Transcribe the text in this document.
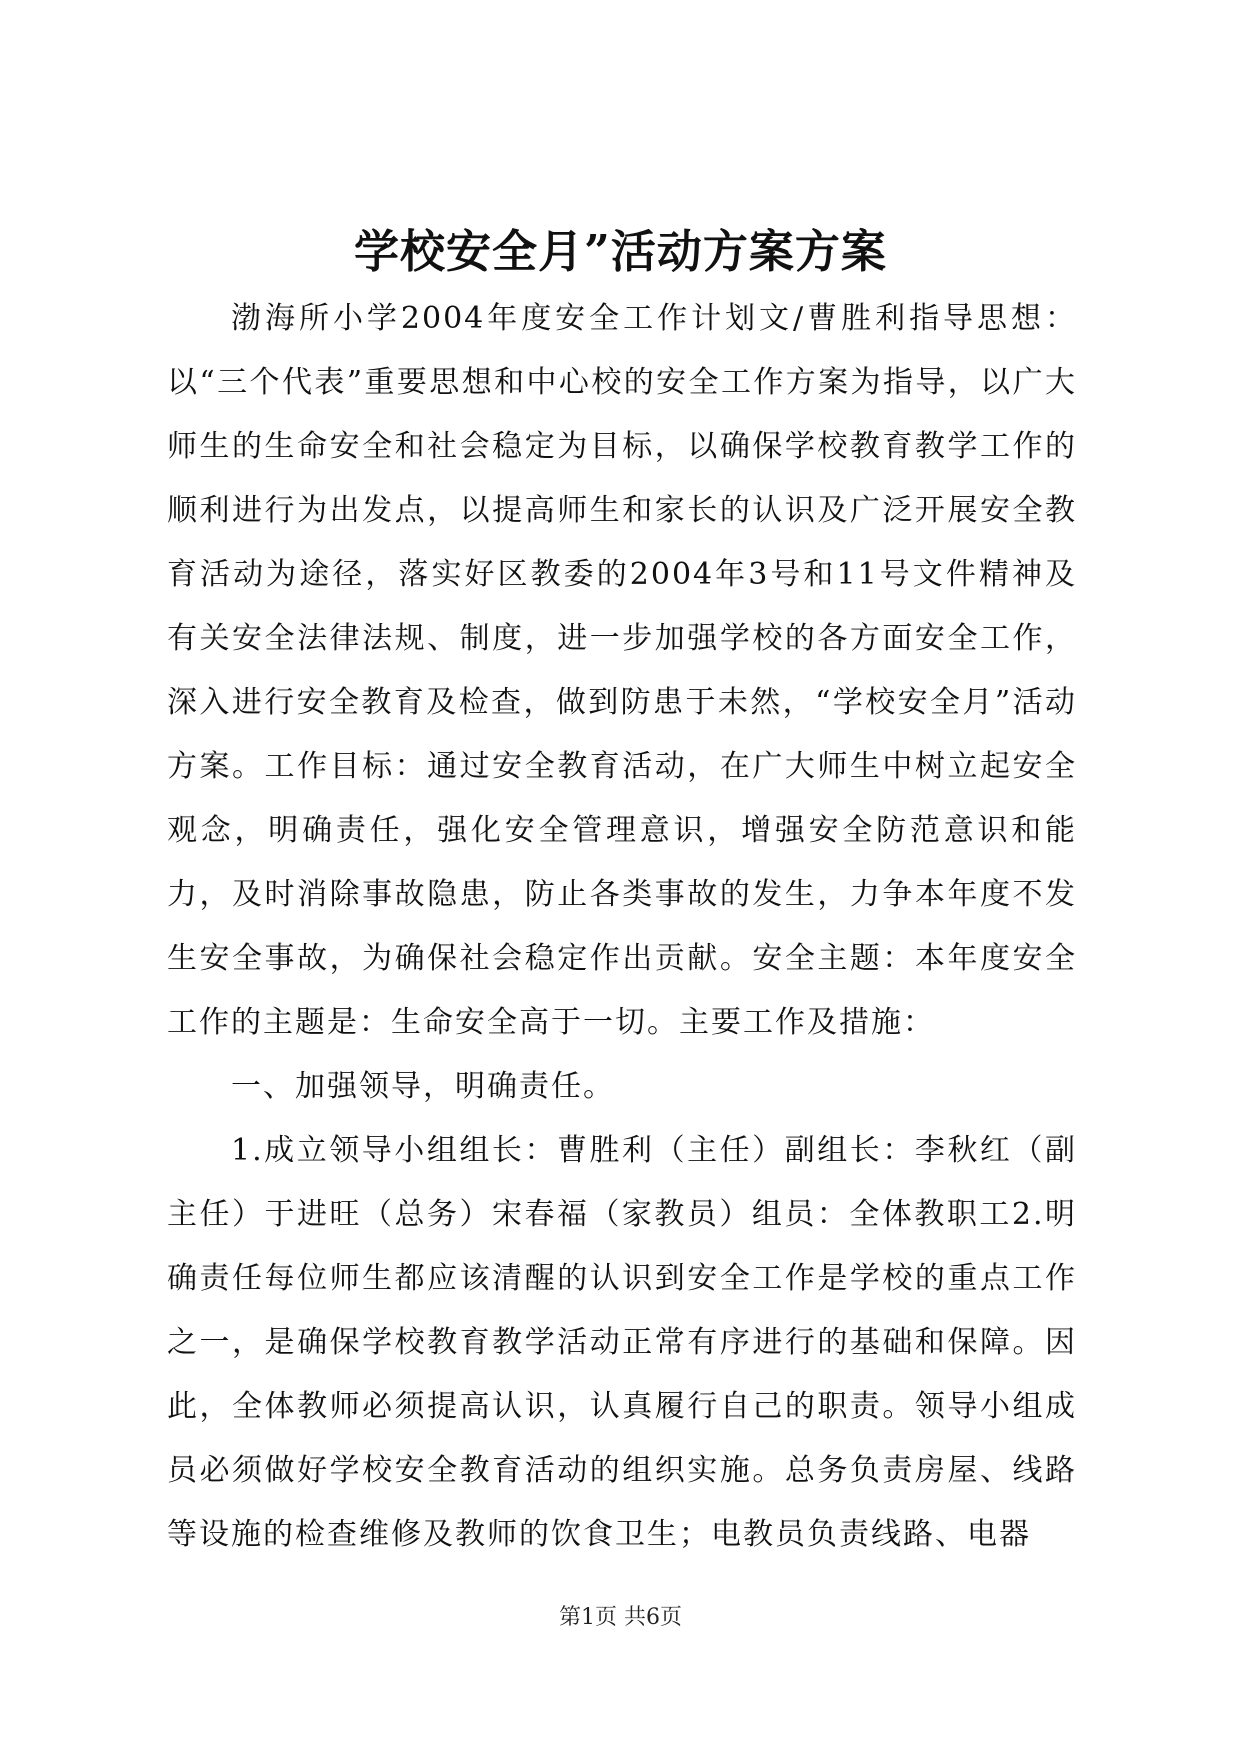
学校安全月”活动方案方案

渤海所小学2004年度安全工作计划文/曹胜利指导思想：以“三个代表”重要思想和中心校的安全工作方案为指导，以广大师生的生命安全和社会稳定为目标，以确保学校教育教学工作的顺利进行为出发点，以提高师生和家长的认识及广泛开展安全教育活动为途径，落实好区教委的2004年3号和11号文件精神及有关安全法律法规、制度，进一步加强学校的各方面安全工作，深入进行安全教育及检查，做到防患于未然，“学校安全月”活动方案。工作目标：通过安全教育活动，在广大师生中树立起安全观念，明确责任，强化安全管理意识，增强安全防范意识和能力，及时消除事故隐患，防止各类事故的发生，力争本年度不发生安全事故，为确保社会稳定作出贡献。安全主题：本年度安全工作的主题是：生命安全高于一切。主要工作及措施：

一、加强领导，明确责任。

1.成立领导小组组长：曹胜利（主任）副组长：李秋红（副主任）于进旺（总务）宋春福（家教员）组员：全体教职工2.明确责任每位师生都应该清醒的认识到安全工作是学校的重点工作之一，是确保学校教育教学活动正常有序进行的基础和保障。因此，全体教师必须提高认识，认真履行自己的职责。领导小组成员必须做好学校安全教育活动的组织实施。总务负责房屋、线路等设施的检查维修及教师的饮食卫生；电教员负责线路、电器

第1页 共6页
